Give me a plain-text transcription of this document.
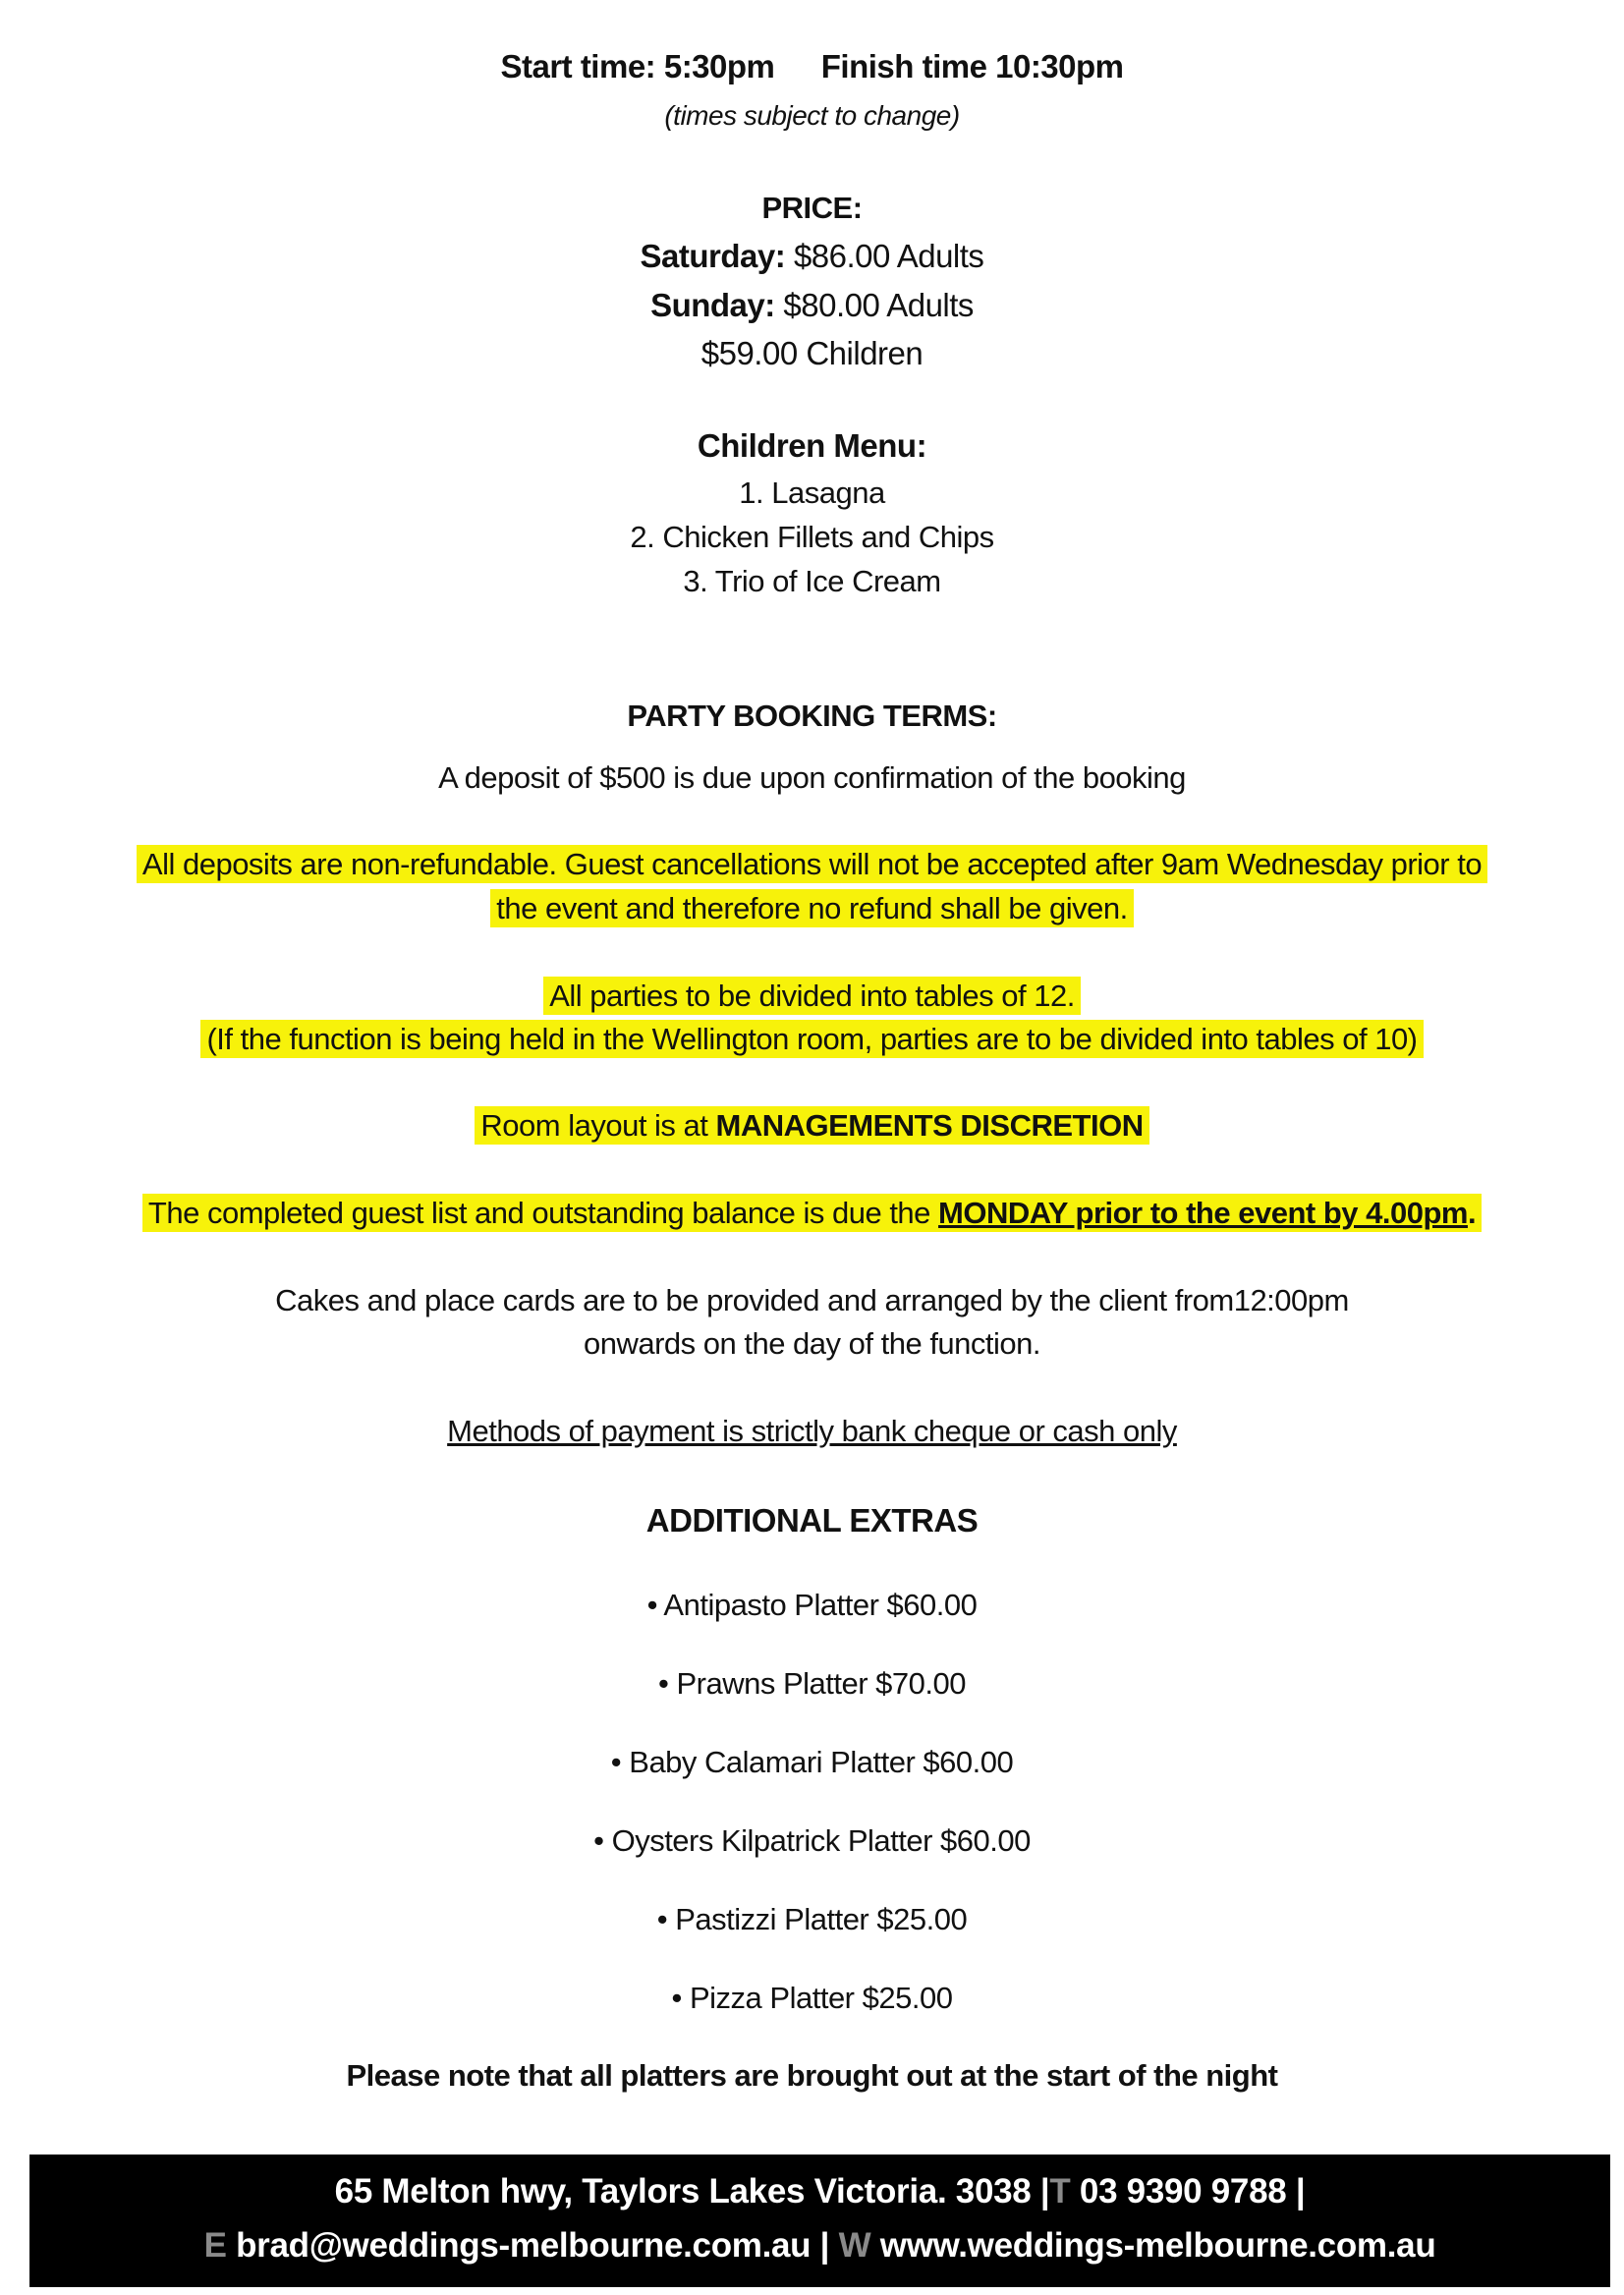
Start time: 5:30pm Finish time 10:30pm
(times subject to change)
PRICE:
Saturday: $86.00 Adults
Sunday: $80.00 Adults
$59.00 Children
Children Menu:
1. Lasagna
2. Chicken Fillets and Chips
3. Trio of Ice Cream
PARTY BOOKING TERMS:
A deposit of $500 is due upon confirmation of the booking
All deposits are non-refundable. Guest cancellations will not be accepted after 9am Wednesday prior to
the event and therefore no refund shall be given.
All parties to be divided into tables of 12.
(If the function is being held in the Wellington room, parties are to be divided into tables of 10)
Room layout is at MANAGEMENTS DISCRETION
The completed guest list and outstanding balance is due the MONDAY prior to the event by 4.00pm.
Cakes and place cards are to be provided and arranged by the client from12:00pm
onwards on the day of the function.
Methods of payment is strictly bank cheque or cash only
ADDITIONAL EXTRAS
• Antipasto Platter $60.00
• Prawns Platter $70.00
• Baby Calamari Platter $60.00
• Oysters Kilpatrick Platter $60.00
• Pastizzi Platter $25.00
• Pizza Platter $25.00
Please note that all platters are brought out at the start of the night
65 Melton hwy, Taylors Lakes Victoria. 3038 |T 03 9390 9788 |
E brad@weddings-melbourne.com.au | W www.weddings-melbourne.com.au
